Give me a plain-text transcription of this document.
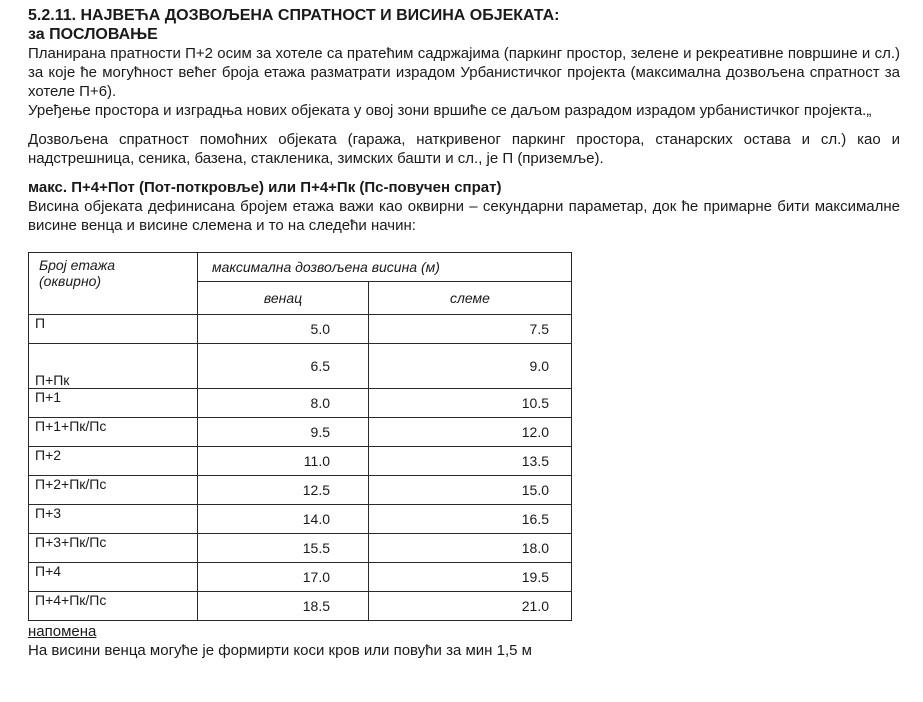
5.2.11. НАЈВЕЋА ДОЗВОЉЕНА СПРАТНОСТ И ВИСИНА ОБЈЕКАТА:

за ПОСЛОВАЊЕ

Планирана пратности П+2 осим за хотеле са пратећим садржајима (паркинг простор, зелене и рекреативне површине и сл.) за које ће могућност већег броја етажа разматрати израдом Урбанистичког пројекта (максимална дозвољена спратност за хотеле П+6).

Уређење простора и изградња нових објеката у овој зони вршиће се даљом разрадом израдом урбанистичког пројекта.„

Дозвољена спратност помоћних објеката (гаража, наткривеног паркинг простора, станарских остава и сл.) као и надстрешница, сеника, базена, стакленика, зимских башти и сл., је П (приземље).

макс. П+4+Пот (Пот-поткровље) или П+4+Пк (Пс-повучен спрат)

Висина објеката дефинисана бројем етажа важи као оквирни – секундарни параметар, док ће примарне бити максималне висине венца и висине слемена и то на следећи начин:

Број етажа
(оквирно)	максимална дозвољена висина (м)	
	венац	слеме
П	5.0	7.5
П+Пк	6.5	9.0
П+1	8.0	10.5
П+1+Пк/Пс	9.5	12.0
П+2	11.0	13.5
П+2+Пк/Пс	12.5	15.0
П+3	14.0	16.5
П+3+Пк/Пс	15.5	18.0
П+4	17.0	19.5
П+4+Пк/Пс	18.5	21.0
напомена
На висини венца могуће је формирти коси кров или повући за мин 1,5 м
